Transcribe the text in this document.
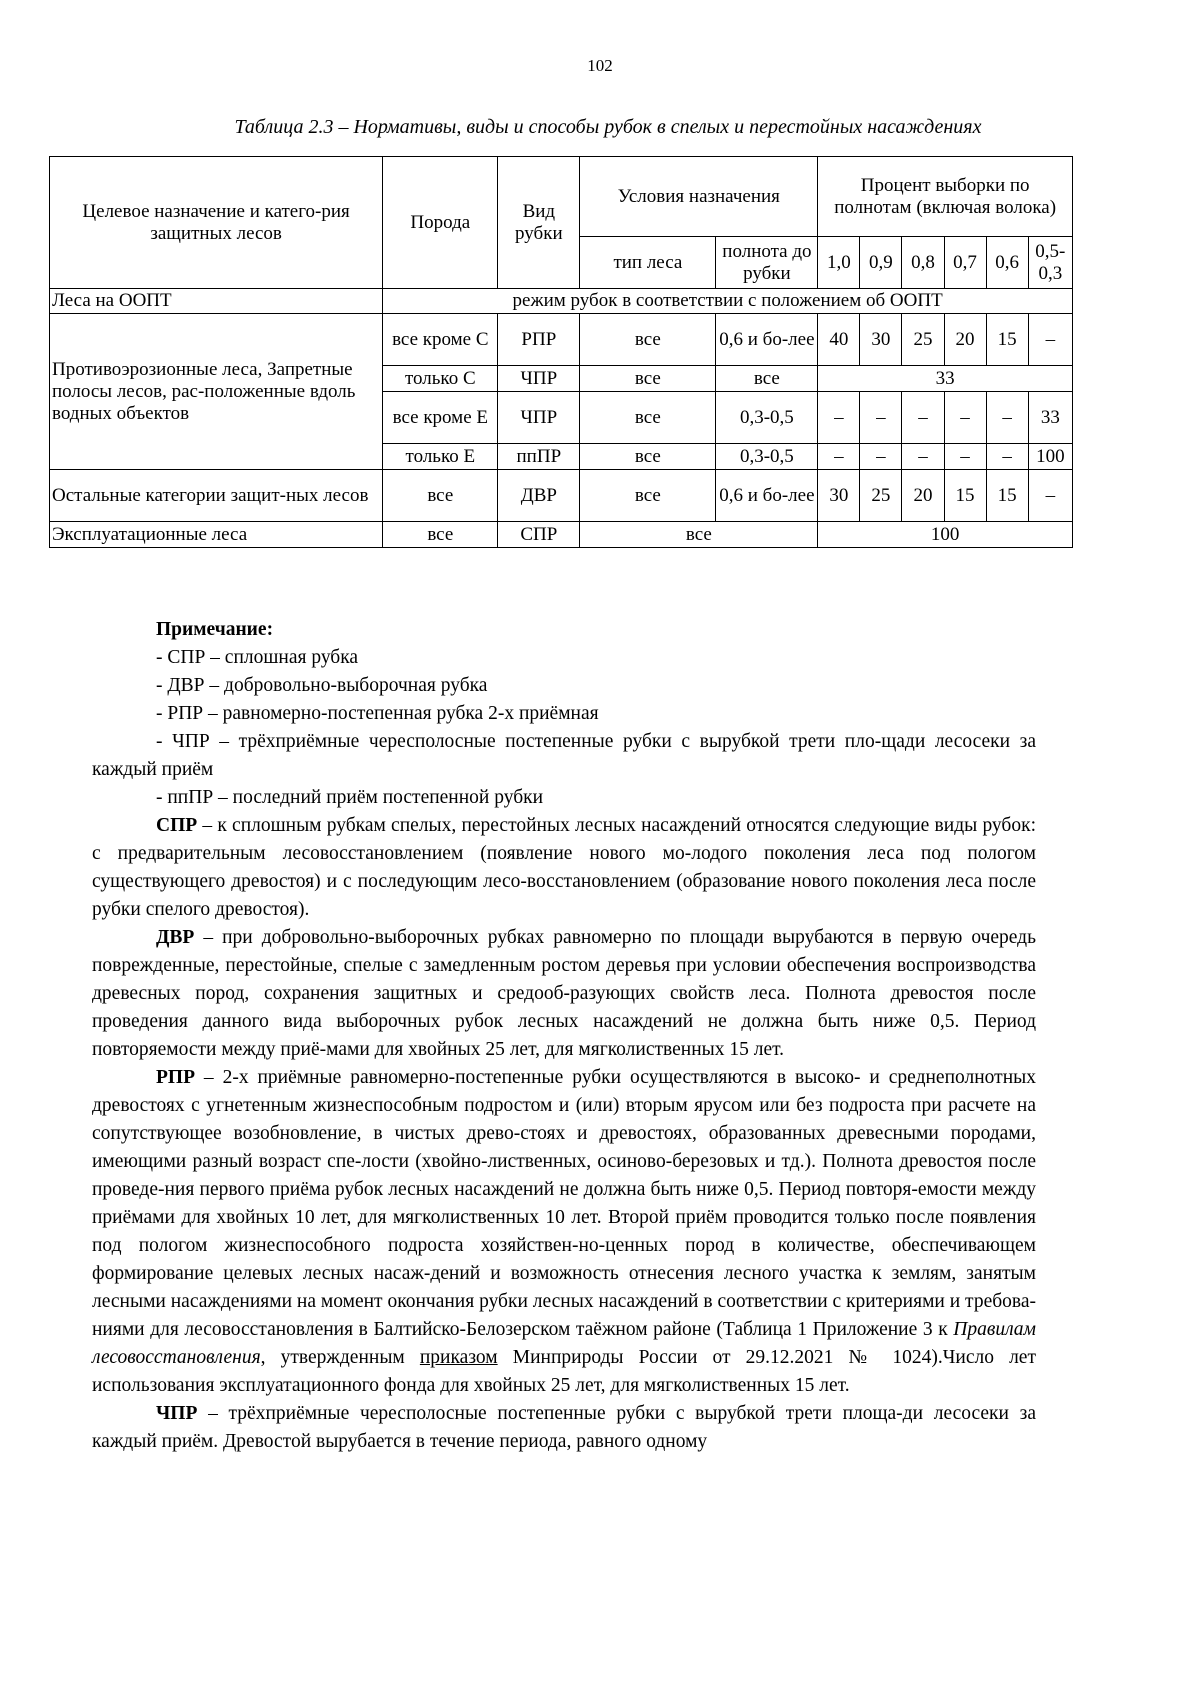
102
Таблица 2.3 – Нормативы, виды и способы рубок в спелых и перестойных насаждениях
Целевое назначение и катего-рия защитных лесов	Порода	Вид рубки	Условия назначения		Процент выборки по полнотам (включая волока)					
			тип леса	полнота до рубки	1,0	0,9	0,8	0,7	0,6	0,5-0,3
Леса на ООПТ	режим рубок в соответствии с положением об ООПТ									
Противоэрозионные леса, Запретные полосы лесов, рас-положенные вдоль водных объектов	все кроме С	РПР	все	0,6 и бо-лее	40	30	25	20	15	–
	только С	ЧПР	все	все	33					
	все кроме Е	ЧПР	все	0,3-0,5	–	–	–	–	–	33
	только Е	ппПР	все	0,3-0,5	–	–	–	–	–	100
Остальные категории защит-ных лесов	все	ДВР	все	0,6 и бо-лее	30	25	20	15	15	–
Эксплуатационные леса	все	СПР	все		100					

Примечание:

- СПР – сплошная рубка

- ДВР – добровольно-выборочная рубка

- РПР – равномерно-постепенная рубка 2-х приёмная

- ЧПР – трёхприёмные чересполосные постепенные рубки с вырубкой трети пло-щади лесосеки за каждый приём

- ппПР – последний приём постепенной рубки

СПР – к сплошным рубкам спелых, перестойных лесных насаждений относятся следующие виды рубок: с предварительным лесовосстановлением (появление нового мо-лодого поколения леса под пологом существующего древостоя) и с последующим лесо-восстановлением (образование нового поколения леса после рубки спелого древостоя).

ДВР – при добровольно-выборочных рубках равномерно по площади вырубаются в первую очередь поврежденные, перестойные, спелые с замедленным ростом деревья при условии обеспечения воспроизводства древесных пород, сохранения защитных и средооб-разующих свойств леса. Полнота древостоя после проведения данного вида выборочных рубок лесных насаждений не должна быть ниже 0,5. Период повторяемости между приё-мами для хвойных 25 лет, для мягколиственных 15 лет.

РПР – 2-х приёмные равномерно-постепенные рубки осуществляются в высоко- и среднеполнотных древостоях с угнетенным жизнеспособным подростом и (или) вторым ярусом или без подроста при расчете на сопутствующее возобновление, в чистых древо-стоях и древостоях, образованных древесными породами, имеющими разный возраст спе-лости (хвойно-лиственных, осиново-березовых и тд.). Полнота древостоя после проведе-ния первого приёма рубок лесных насаждений не должна быть ниже 0,5. Период повторя-емости между приёмами для хвойных 10 лет, для мягколиственных 10 лет. Второй приём проводится только после появления под пологом жизнеспособного подроста хозяйствен-но-ценных пород в количестве, обеспечивающем формирование целевых лесных насаж-дений и возможность отнесения лесного участка к землям, занятым лесными насаждениями на момент окончания рубки лесных насаждений в соответствии с критериями и требова-ниями для лесовосстановления в Балтийско-Белозерском таёжном районе (Таблица 1 Приложение 3 к Правилам лесовосстановления, утвержденным приказом Минприроды России от 29.12.2021 № 1024).Число лет использования эксплуатационного фонда для хвойных 25 лет, для мягколиственных 15 лет.

ЧПР – трёхприёмные чересполосные постепенные рубки с вырубкой трети площа-ди лесосеки за каждый приём. Древостой вырубается в течение периода, равного одному
